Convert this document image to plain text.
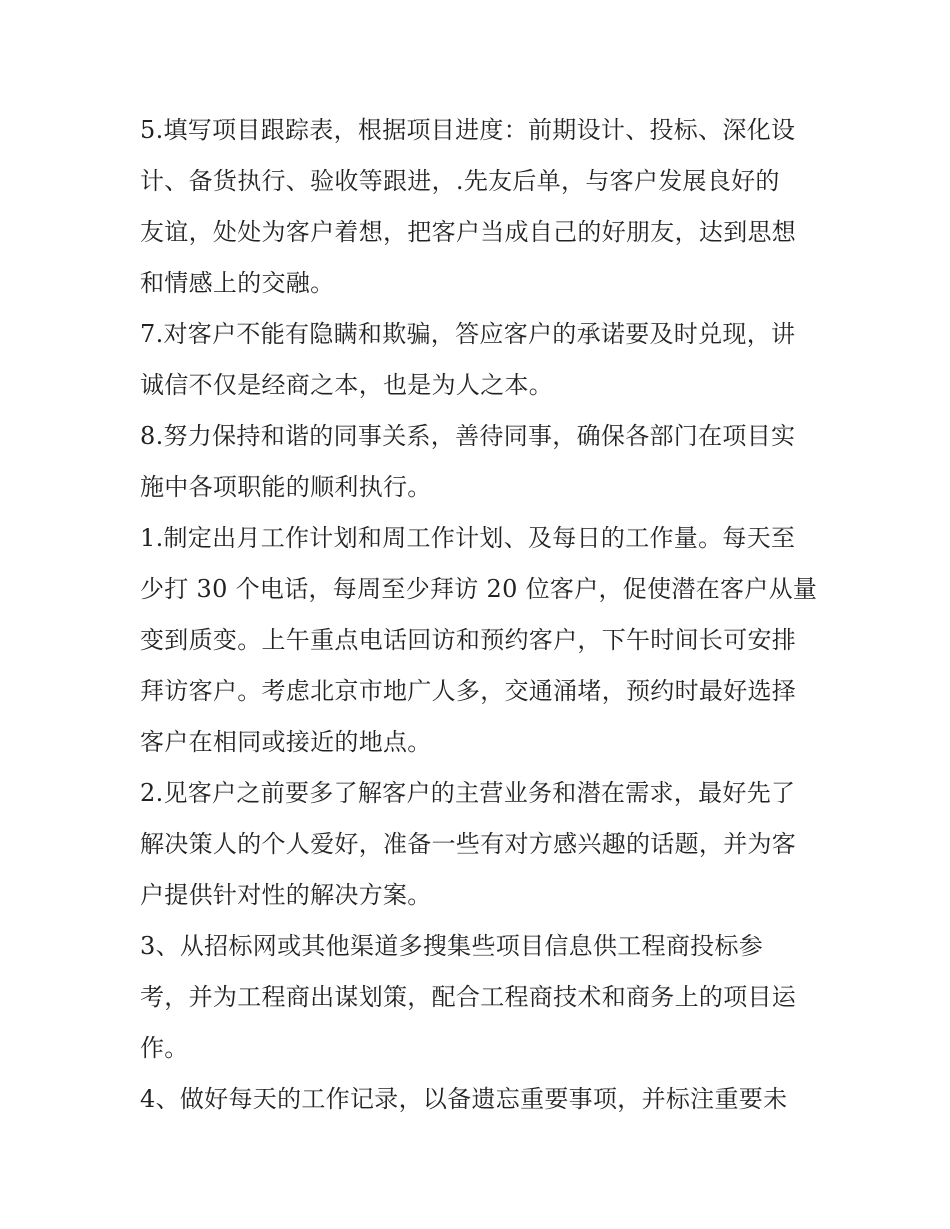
5.填写项目跟踪表，根据项目进度：前期设计、投标、深化设
计、备货执行、验收等跟进，.先友后单，与客户发展良好的
友谊，处处为客户着想，把客户当成自己的好朋友，达到思想
和情感上的交融。
7.对客户不能有隐瞒和欺骗，答应客户的承诺要及时兑现，讲
诚信不仅是经商之本，也是为人之本。
8.努力保持和谐的同事关系，善待同事，确保各部门在项目实
施中各项职能的顺利执行。
1.制定出月工作计划和周工作计划、及每日的工作量。每天至
少打 30 个电话，每周至少拜访 20 位客户，促使潜在客户从量
变到质变。上午重点电话回访和预约客户，下午时间长可安排
拜访客户。考虑北京市地广人多，交通涌堵，预约时最好选择
客户在相同或接近的地点。
2.见客户之前要多了解客户的主营业务和潜在需求，最好先了
解决策人的个人爱好，准备一些有对方感兴趣的话题，并为客
户提供针对性的解决方案。
3、从招标网或其他渠道多搜集些项目信息供工程商投标参
考，并为工程商出谋划策，配合工程商技术和商务上的项目运
作。
4、做好每天的工作记录，以备遗忘重要事项，并标注重要未
